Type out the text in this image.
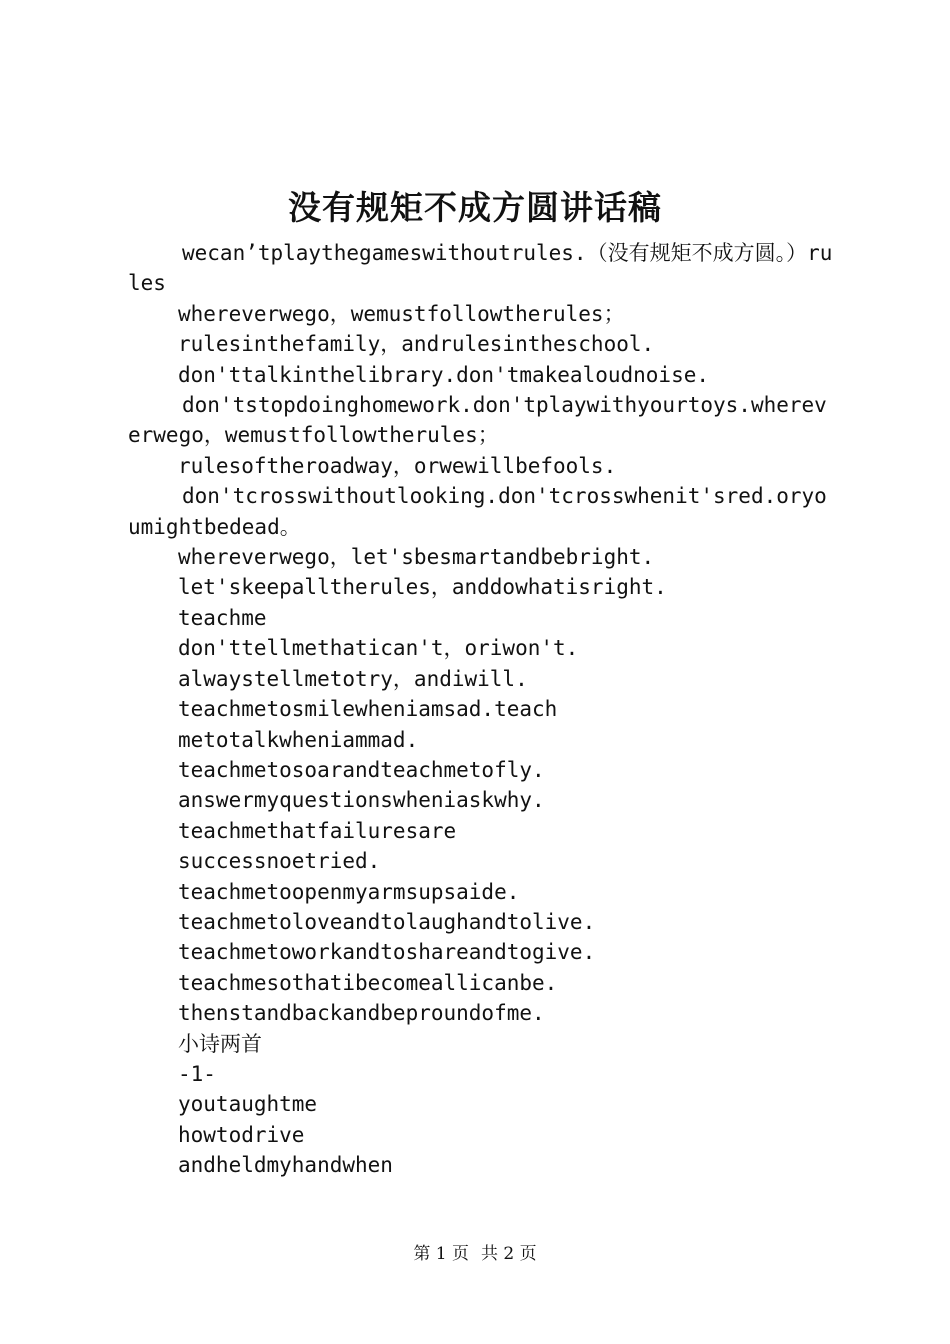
没有规矩不成方圆讲话稿
wecan’tplaythegameswithoutrules.（没有规矩不成方圆。）rules
whereverwego，wemustfollowtherules；
rulesinthefamily，andrulesintheschool.
don'ttalkinthelibrary.don'tmakealoudnoise.
don'tstopdoinghomework.don'tplaywithyourtoys.whereverwego，wemustfollowtherules；
rulesoftheroadway，orwewillbefools.
don'tcrosswithoutlooking.don'tcrosswhenit'sred.oryoumightbedead。
whereverwego，let'sbesmartandbebright.
let'skeepalltherules，anddowhatisright.
teachme
don'ttellmethatican't，oriwon't.
alwaystellmetotry，andiwill.
teachmetosmilewheniamsad.teach
metotalkwheniammad.
teachmetosoarandteachmetofly.
answermyquestionswheniaskwhy.
teachmethatfailuresare
successnoetried.
teachmetoopenmyarmsupsaide.
teachmetoloveandtolaughandtolive.
teachmetoworkandtoshareandtogive.
teachmesothatibecomeallicanbe.
thenstandbackandbeproundofme.
小诗两首
-1-
youtaughtme
howtodrive
andheldmyhandwhen
第 1 页 共 2 页
